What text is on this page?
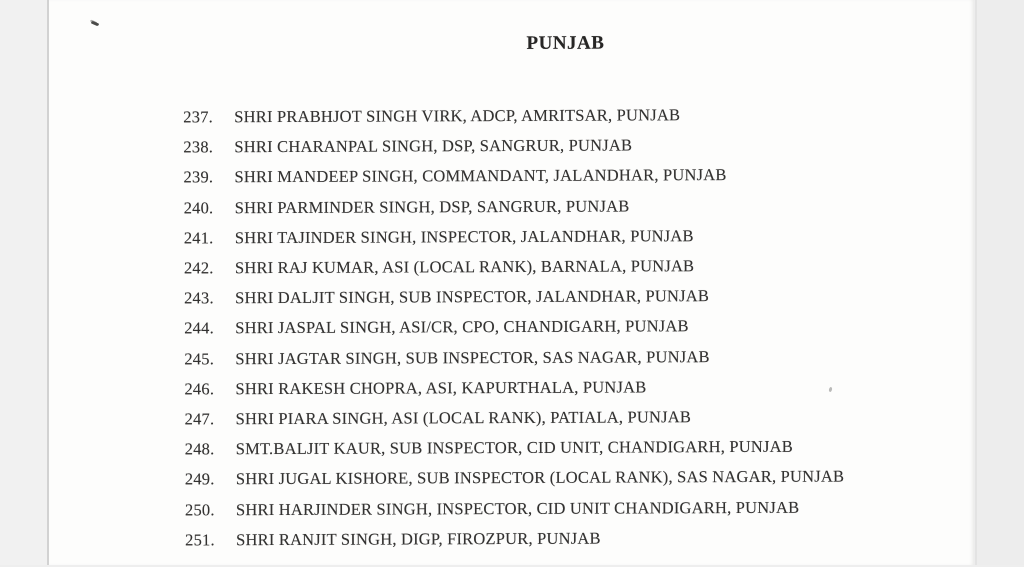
PUNJAB
237.	SHRI PRABHJOT SINGH VIRK, ADCP, AMRITSAR, PUNJAB
238.	SHRI CHARANPAL SINGH, DSP, SANGRUR, PUNJAB
239.	SHRI MANDEEP SINGH, COMMANDANT, JALANDHAR, PUNJAB
240.	SHRI PARMINDER SINGH, DSP, SANGRUR, PUNJAB
241.	SHRI TAJINDER SINGH, INSPECTOR, JALANDHAR, PUNJAB
242.	SHRI RAJ KUMAR, ASI (LOCAL RANK), BARNALA, PUNJAB
243.	SHRI DALJIT SINGH, SUB INSPECTOR, JALANDHAR, PUNJAB
244.	SHRI JASPAL SINGH, ASI/CR, CPO, CHANDIGARH, PUNJAB
245.	SHRI JAGTAR SINGH, SUB INSPECTOR, SAS NAGAR, PUNJAB
246.	SHRI RAKESH CHOPRA, ASI, KAPURTHALA, PUNJAB
247.	SHRI PIARA SINGH, ASI (LOCAL RANK), PATIALA, PUNJAB
248.	SMT.BALJIT KAUR, SUB INSPECTOR, CID UNIT, CHANDIGARH, PUNJAB
249.	SHRI JUGAL KISHORE, SUB INSPECTOR (LOCAL RANK), SAS NAGAR, PUNJAB
250.	SHRI HARJINDER SINGH, INSPECTOR, CID UNIT CHANDIGARH, PUNJAB
251.	SHRI RANJIT SINGH, DIGP, FIROZPUR, PUNJAB
